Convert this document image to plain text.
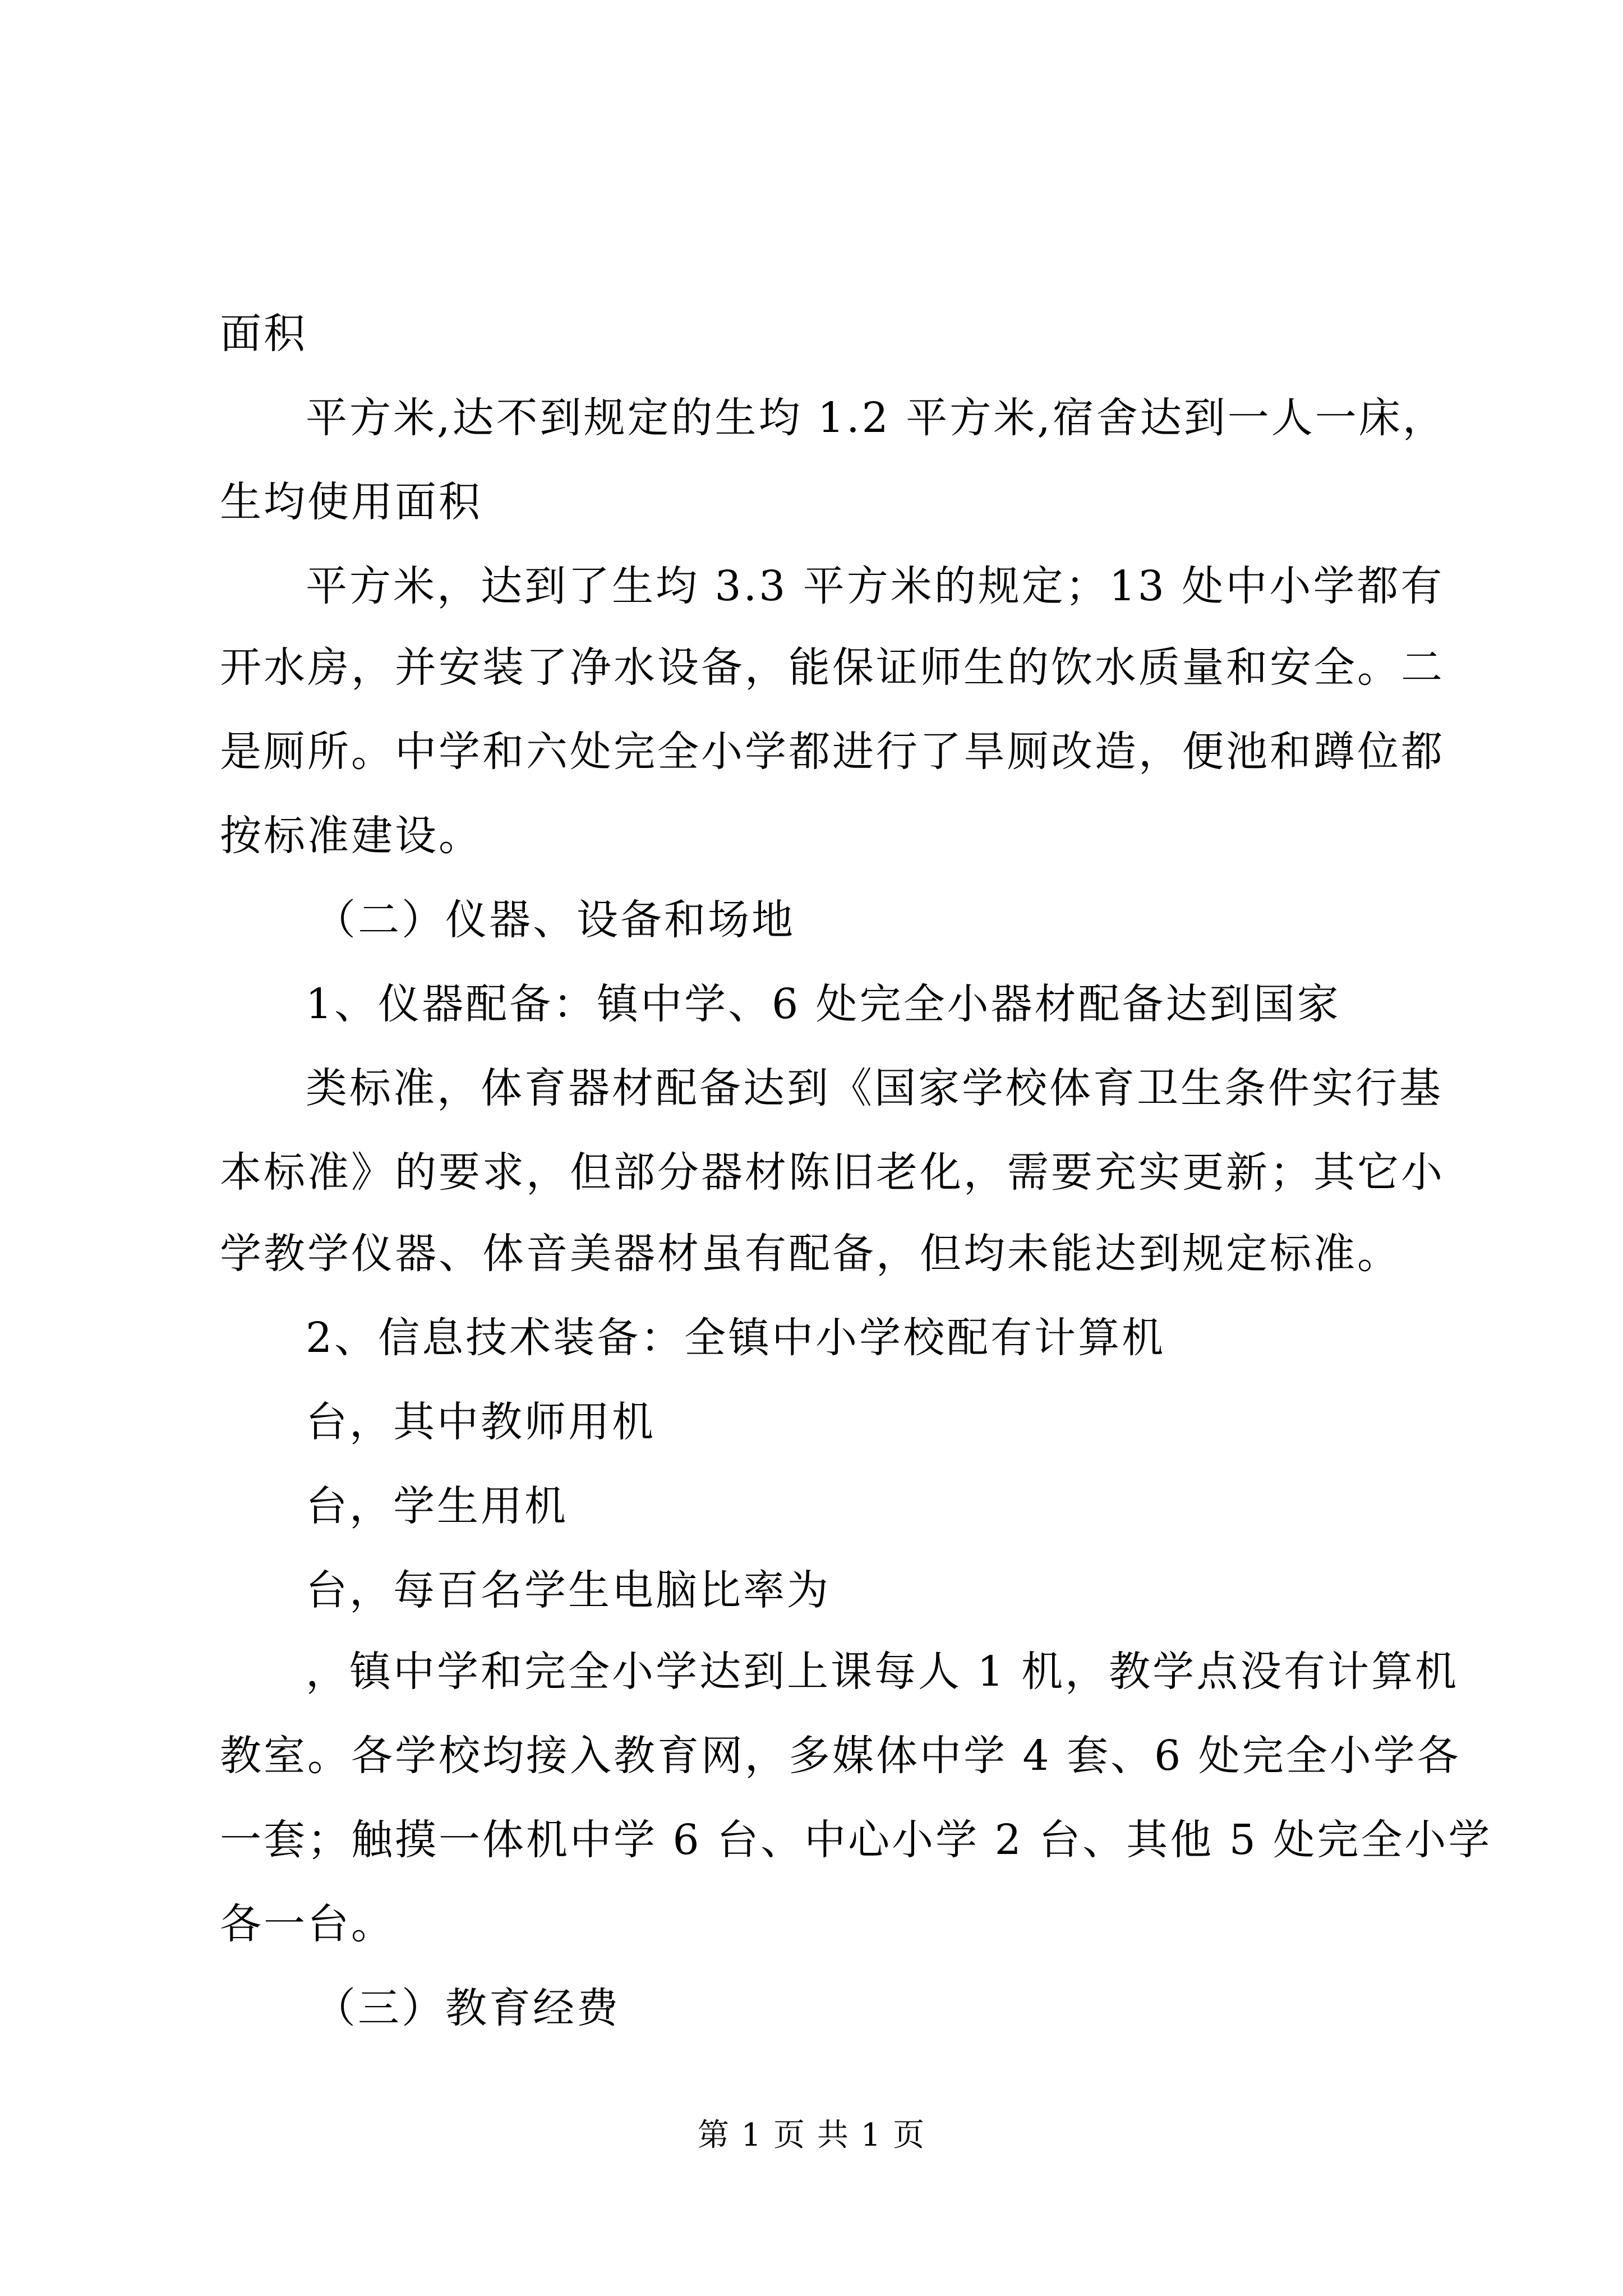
面积
平方米,达不到规定的生均 1.2 平方米,宿舍达到一人一床，
生均使用面积
平方米，达到了生均 3.3 平方米的规定；13 处中小学都有
开水房，并安装了净水设备，能保证师生的饮水质量和安全。二
是厕所。中学和六处完全小学都进行了旱厕改造，便池和蹲位都
按标准建设。
（二）仪器、设备和场地
1、仪器配备：镇中学、6 处完全小器材配备达到国家
类标准，体育器材配备达到《国家学校体育卫生条件实行基
本标准》的要求，但部分器材陈旧老化，需要充实更新；其它小
学教学仪器、体音美器材虽有配备，但均未能达到规定标准。
2、信息技术装备：全镇中小学校配有计算机
台，其中教师用机
台，学生用机
台，每百名学生电脑比率为
，镇中学和完全小学达到上课每人 1 机，教学点没有计算机
教室。各学校均接入教育网，多媒体中学 4 套、6 处完全小学各
一套；触摸一体机中学 6 台、中心小学 2 台、其他 5 处完全小学
各一台。
（三）教育经费
第 1 页 共 1 页
